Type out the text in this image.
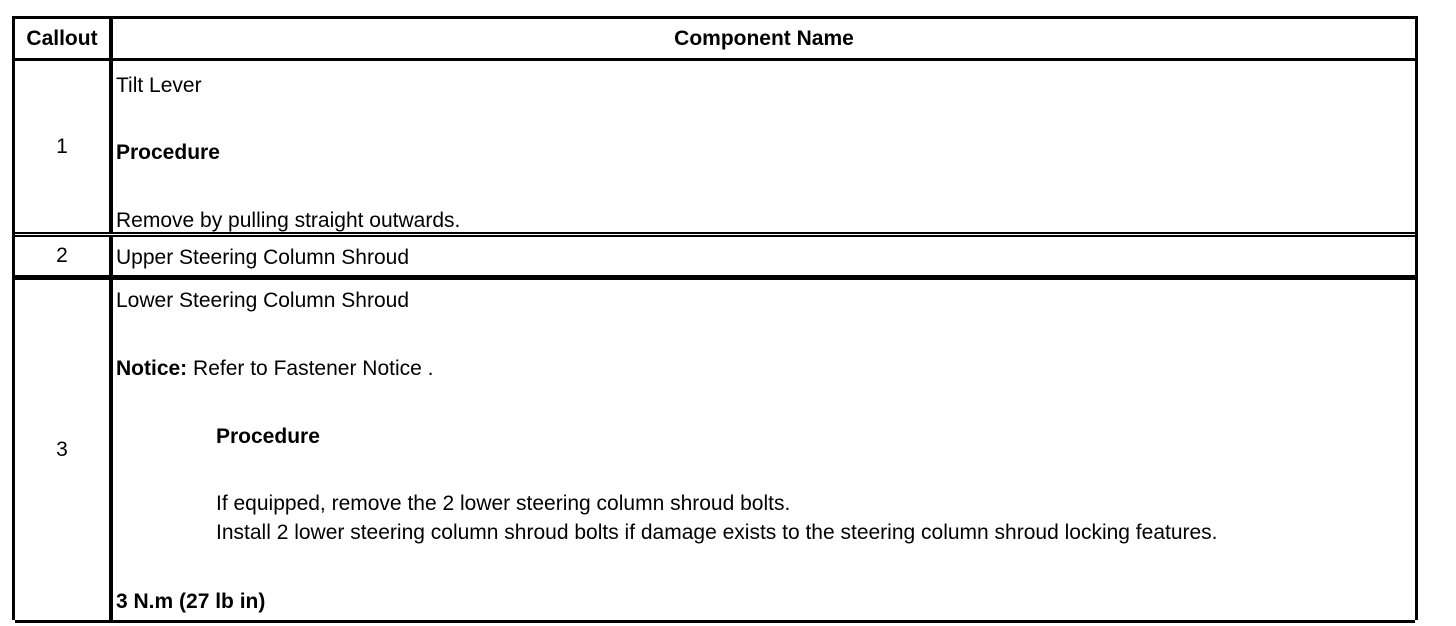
Callout	Component Name
1
Tilt Lever
Procedure
Remove by pulling straight outwards.
2	Upper Steering Column Shroud
3
Lower Steering Column Shroud
Notice: Refer to Fastener Notice .
Procedure
If equipped, remove the 2 lower steering column shroud bolts.
Install 2 lower steering column shroud bolts if damage exists to the steering column shroud locking features.
3 N.m (27 lb in)
